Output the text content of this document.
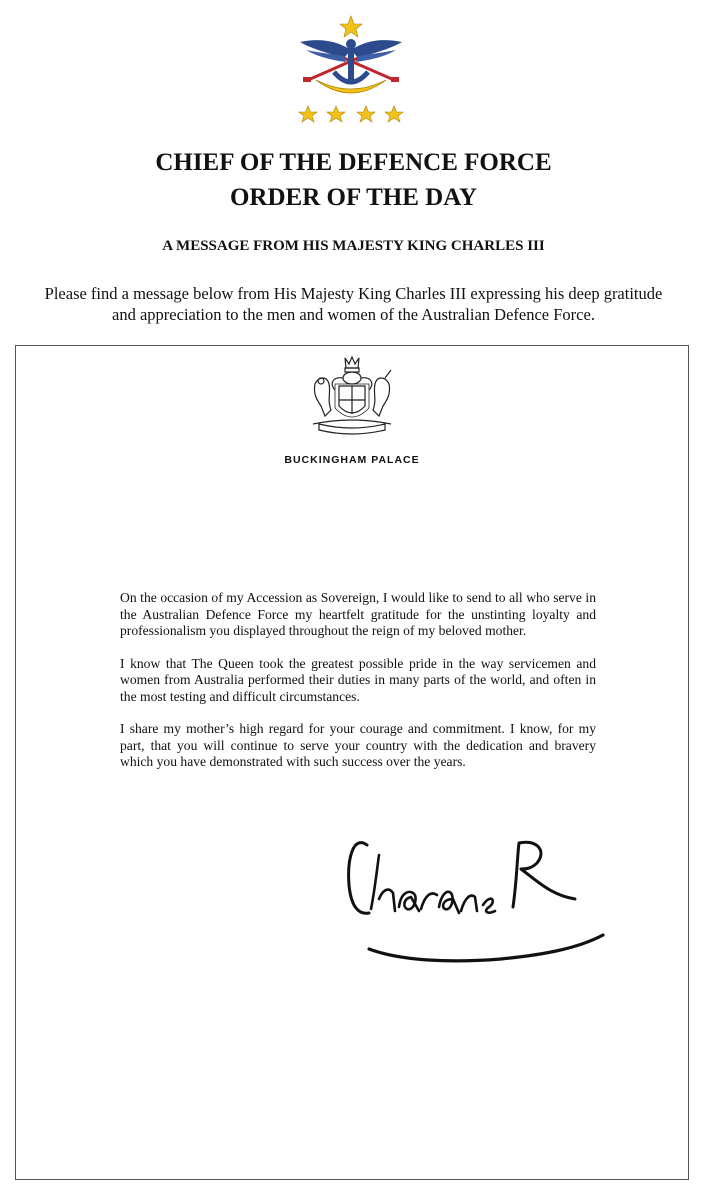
CHIEF OF THE DEFENCE FORCE
ORDER OF THE DAY
A MESSAGE FROM HIS MAJESTY KING CHARLES III

Please find a message below from His Majesty King Charles III expressing his deep gratitude
and appreciation to the men and women of the Australian Defence Force.

BUCKINGHAM PALACE

On the occasion of my Accession as Sovereign, I would like to send to all who serve in the Australian Defence Force my heartfelt gratitude for the unstinting loyalty and professionalism you displayed throughout the reign of my beloved mother.

I know that The Queen took the greatest possible pride in the way servicemen and women from Australia performed their duties in many parts of the world, and often in the most testing and difficult circumstances.

I share my mother’s high regard for your courage and commitment. I know, for my part, that you will continue to serve your country with the dedication and bravery which you have demonstrated with such success over the years.
